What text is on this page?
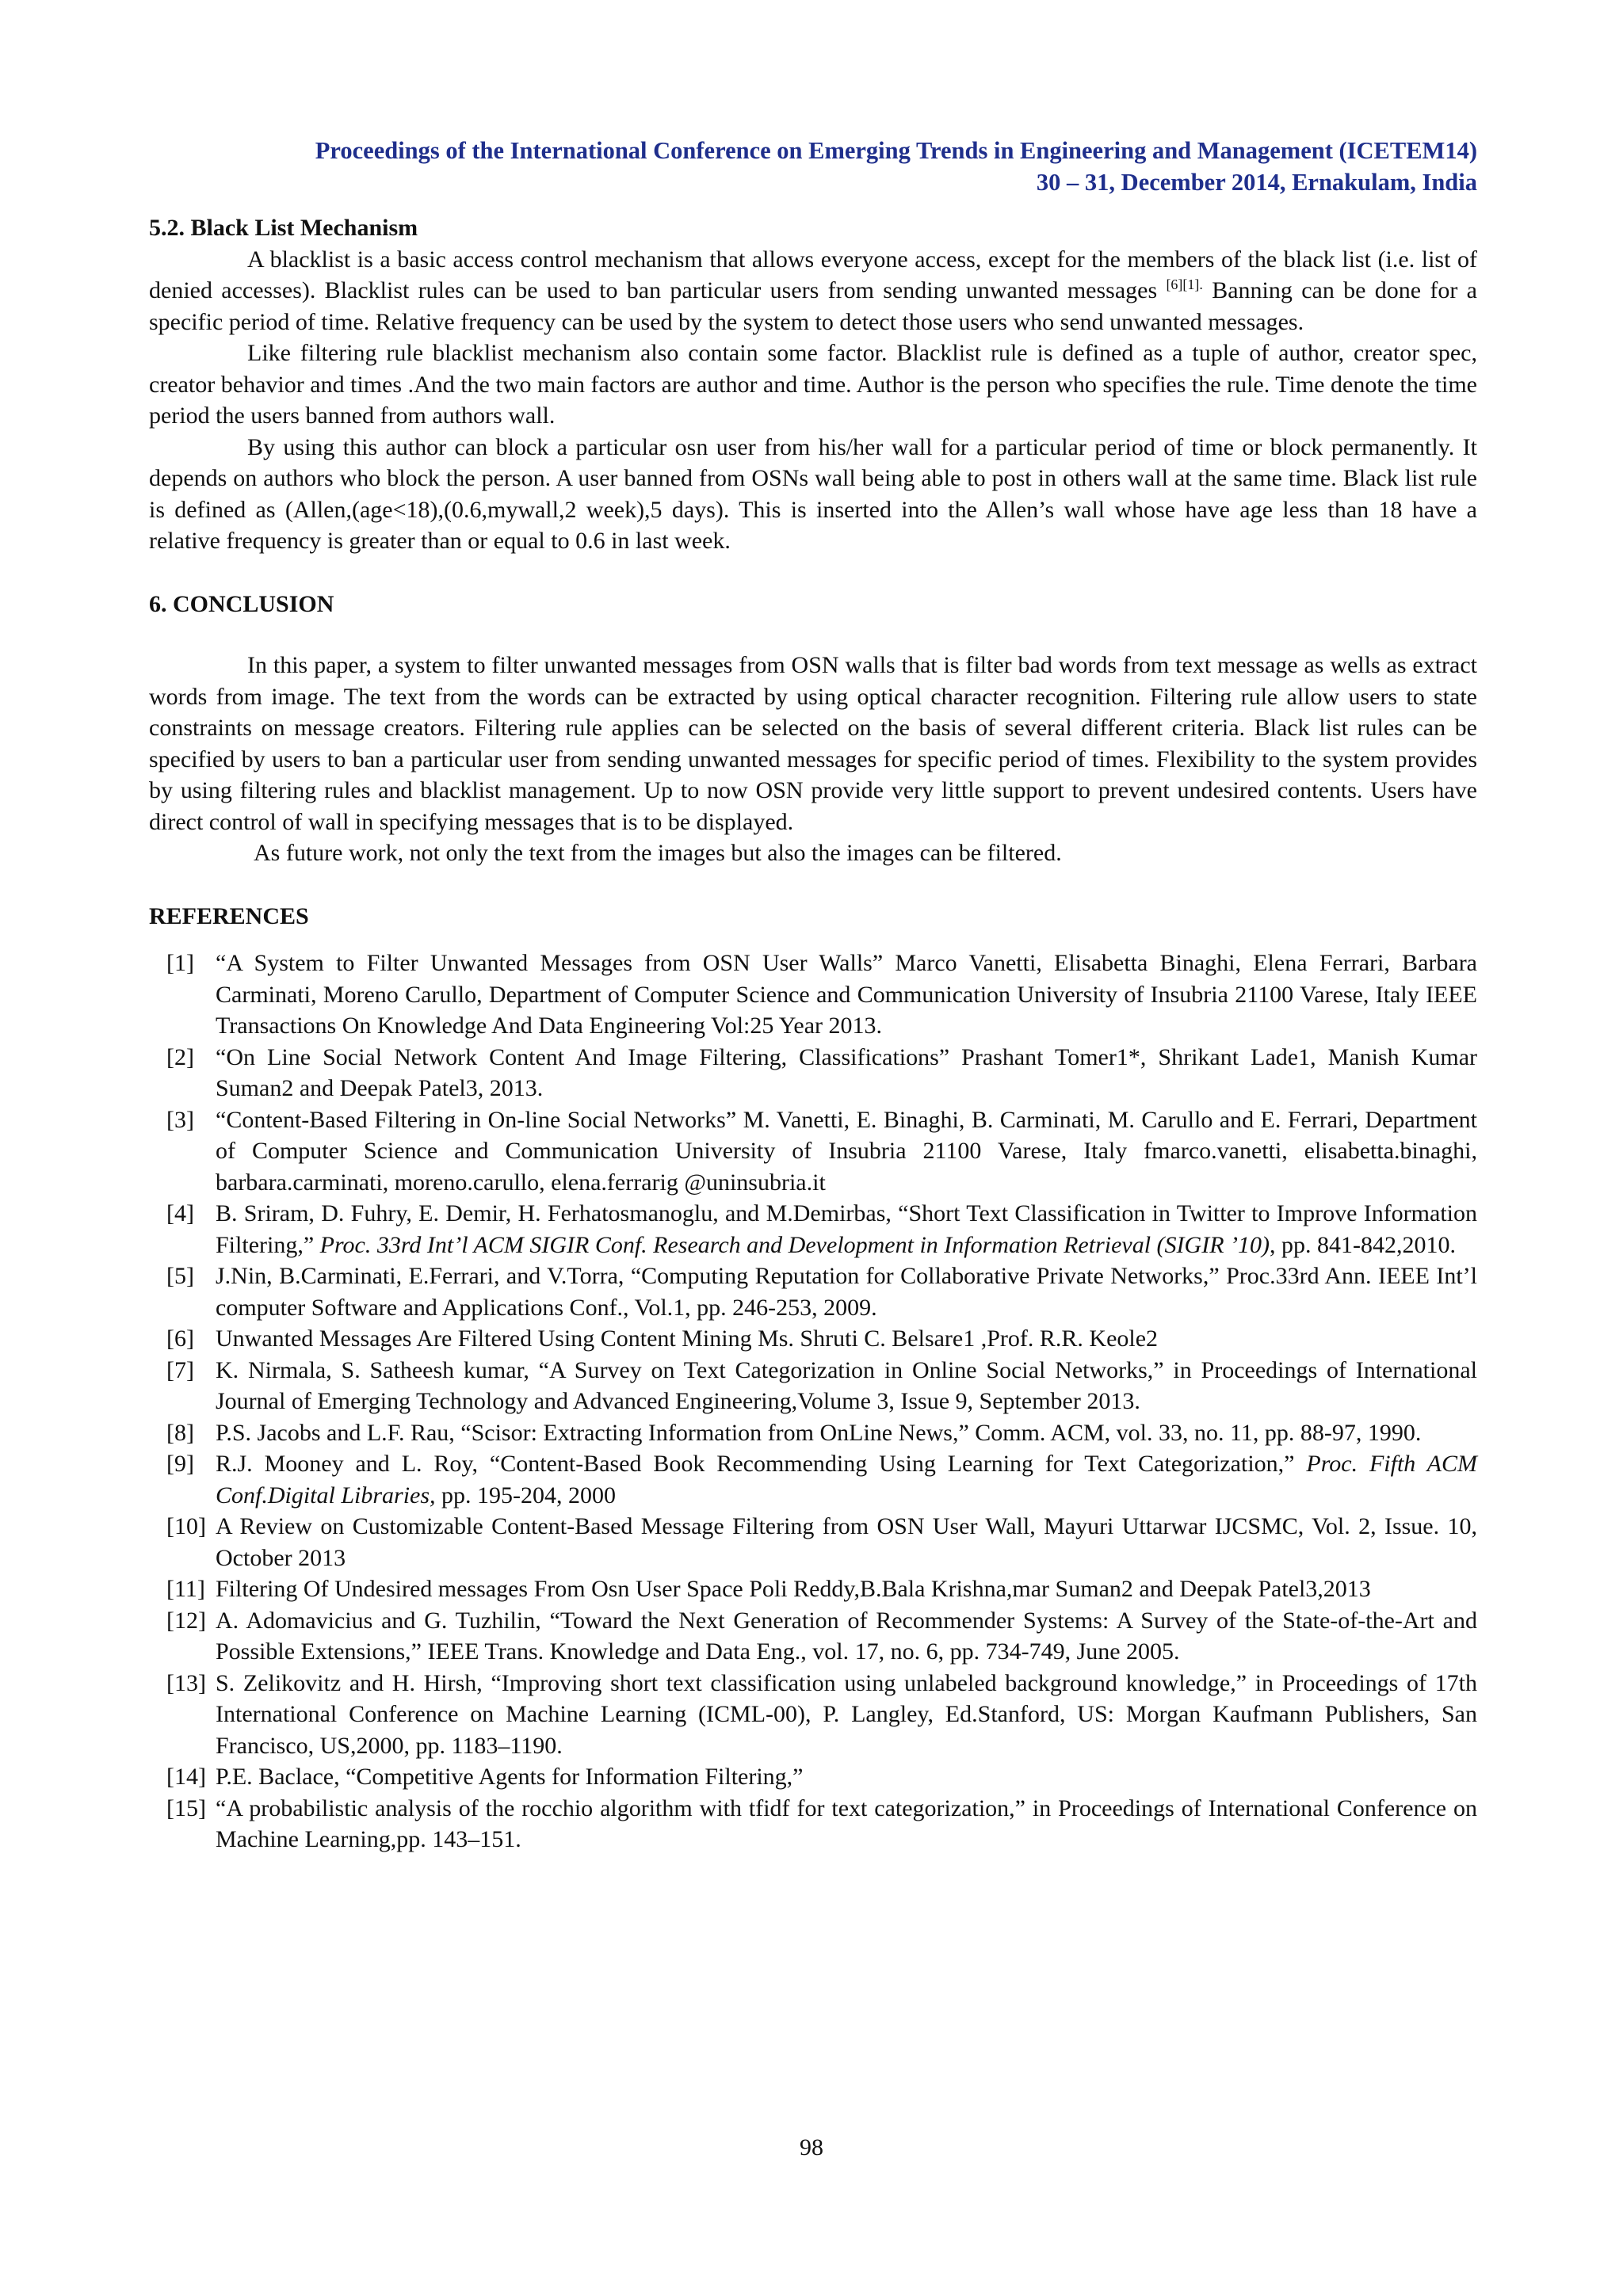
Proceedings of the International Conference on Emerging Trends in Engineering and Management (ICETEM14)
30 – 31, December 2014, Ernakulam, India

5.2. Black List Mechanism

A blacklist is a basic access control mechanism that allows everyone access, except for the members of the black list (i.e. list of denied accesses). Blacklist rules can be used to ban particular users from sending unwanted messages $^{[6][1].}$ Banning can be done for a specific period of time. Relative frequency can be used by the system to detect those users who send unwanted messages.

Like filtering rule blacklist mechanism also contain some factor. Blacklist rule is defined as a tuple of author, creator spec, creator behavior and times .And the two main factors are author and time. Author is the person who specifies the rule. Time denote the time period the users banned from authors wall.

By using this author can block a particular osn user from his/her wall for a particular period of time or block permanently. It depends on authors who block the person. A user banned from OSNs wall being able to post in others wall at the same time. Black list rule is defined as (Allen,(age<18),(0.6,mywall,2 week),5 days). This is inserted into the Allen’s wall whose have age less than 18 have a relative frequency is greater than or equal to 0.6 in last week.

6. CONCLUSION

In this paper, a system to filter unwanted messages from OSN walls that is filter bad words from text message as wells as extract words from image. The text from the words can be extracted by using optical character recognition. Filtering rule allow users to state constraints on message creators. Filtering rule applies can be selected on the basis of several different criteria. Black list rules can be specified by users to ban a particular user from sending unwanted messages for specific period of times. Flexibility to the system provides by using filtering rules and blacklist management. Up to now OSN provide very little support to prevent undesired contents. Users have direct control of wall in specifying messages that is to be displayed.

As future work, not only the text from the images but also the images can be filtered.

REFERENCES

[1] “A System to Filter Unwanted Messages from OSN User Walls” Marco Vanetti, Elisabetta Binaghi, Elena Ferrari, Barbara Carminati, Moreno Carullo, Department of Computer Science and Communication University of Insubria 21100 Varese, Italy IEEE Transactions On Knowledge And Data Engineering Vol:25 Year 2013.
[2] “On Line Social Network Content And Image Filtering, Classifications” Prashant Tomer1*, Shrikant Lade1, Manish Kumar Suman2 and Deepak Patel3, 2013.
[3] “Content-Based Filtering in On-line Social Networks” M. Vanetti, E. Binaghi, B. Carminati, M. Carullo and E. Ferrari, Department of Computer Science and Communication University of Insubria 21100 Varese, Italy fmarco.vanetti, elisabetta.binaghi, barbara.carminati, moreno.carullo, elena.ferrarig @uninsubria.it
[4] B. Sriram, D. Fuhry, E. Demir, H. Ferhatosmanoglu, and M.Demirbas, “Short Text Classification in Twitter to Improve Information Filtering,” Proc. 33rd Int’l ACM SIGIR Conf. Research and Development in Information Retrieval (SIGIR ’10), pp. 841-842,2010.
[5] J.Nin, B.Carminati, E.Ferrari, and V.Torra, “Computing Reputation for Collaborative Private Networks,” Proc.33rd Ann. IEEE Int’l computer Software and Applications Conf., Vol.1, pp. 246-253, 2009.
[6] Unwanted Messages Are Filtered Using Content Mining Ms. Shruti C. Belsare1 ,Prof. R.R. Keole2
[7] K. Nirmala, S. Satheesh kumar, “A Survey on Text Categorization in Online Social Networks,” in Proceedings of International Journal of Emerging Technology and Advanced Engineering,Volume 3, Issue 9, September 2013.
[8] P.S. Jacobs and L.F. Rau, “Scisor: Extracting Information from OnLine News,” Comm. ACM, vol. 33, no. 11, pp. 88-97, 1990.
[9] R.J. Mooney and L. Roy, “Content-Based Book Recommending Using Learning for Text Categorization,” Proc. Fifth ACM Conf.Digital Libraries, pp. 195-204, 2000
[10] A Review on Customizable Content-Based Message Filtering from OSN User Wall, Mayuri Uttarwar IJCSMC, Vol. 2, Issue. 10, October 2013
[11] Filtering Of Undesired messages From Osn User Space Poli Reddy,B.Bala Krishna,mar Suman2 and Deepak Patel3,2013
[12] A. Adomavicius and G. Tuzhilin, “Toward the Next Generation of Recommender Systems: A Survey of the State-of-the-Art and Possible Extensions,” IEEE Trans. Knowledge and Data Eng., vol. 17, no. 6, pp. 734-749, June 2005.
[13] S. Zelikovitz and H. Hirsh, “Improving short text classification using unlabeled background knowledge,” in Proceedings of 17th International Conference on Machine Learning (ICML-00), P. Langley, Ed.Stanford, US: Morgan Kaufmann Publishers, San Francisco, US,2000, pp. 1183–1190.
[14] P.E. Baclace, “Competitive Agents for Information Filtering,”
[15] “A probabilistic analysis of the rocchio algorithm with tfidf for text categorization,” in Proceedings of International Conference on Machine Learning,pp. 143–151.
98
